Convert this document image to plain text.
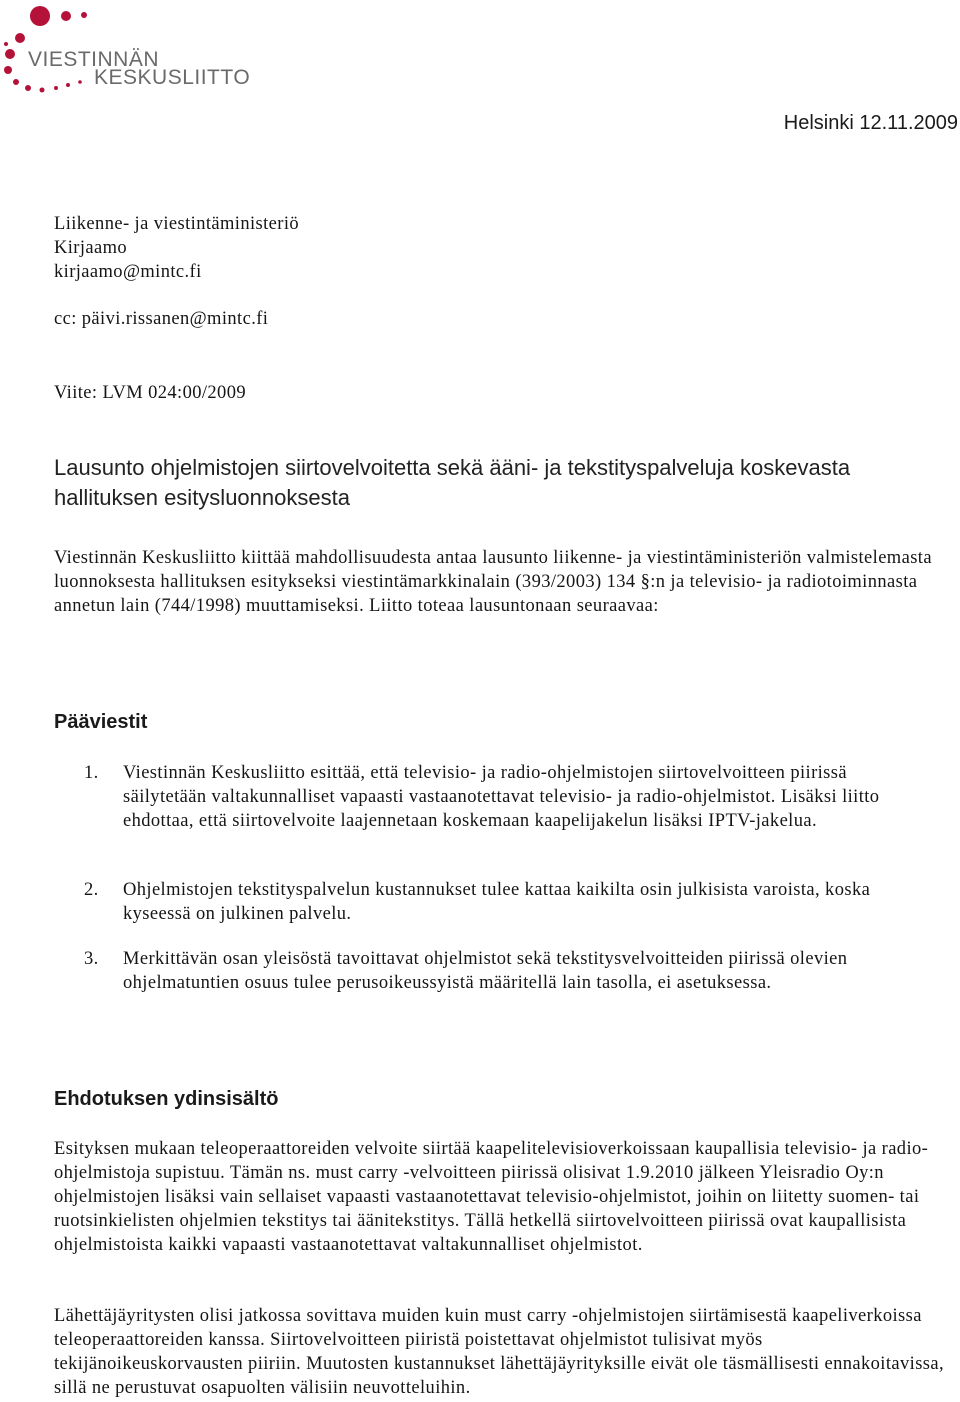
VIESTINNÄN
KESKUSLIITTO
Helsinki 12.11.2009
Liikenne- ja viestintäministeriö
Kirjaamo
kirjaamo@mintc.fi
cc: päivi.rissanen@mintc.fi
Viite: LVM 024:00/2009
Lausunto ohjelmistojen siirtovelvoitetta sekä ääni- ja tekstityspalveluja koskevasta hallituksen esitysluonnoksesta
Viestinnän Keskusliitto kiittää mahdollisuudesta antaa lausunto liikenne- ja viestintäministeriön valmistelemasta luonnoksesta hallituksen esitykseksi viestintämarkkinalain (393/2003) 134 §:n ja televisio- ja radiotoiminnasta annetun lain (744/1998) muuttamiseksi. Liitto toteaa lausuntonaan seuraavaa:
Pääviestit
1.	Viestinnän Keskusliitto esittää, että televisio- ja radio-ohjelmistojen siirtovelvoitteen piirissä säilytetään valtakunnalliset vapaasti vastaanotettavat televisio- ja radio-ohjelmistot. Lisäksi liitto ehdottaa, että siirtovelvoite laajennetaan koskemaan kaapelijakelun lisäksi IPTV-jakelua.
2.	Ohjelmistojen tekstityspalvelun kustannukset tulee kattaa kaikilta osin julkisista varoista, koska kyseessä on julkinen palvelu.
3.	Merkittävän osan yleisöstä tavoittavat ohjelmistot sekä tekstitysvelvoitteiden piirissä olevien ohjelmatuntien osuus tulee perusoikeussyistä määritellä lain tasolla, ei asetuksessa.
Ehdotuksen ydinsisältö
Esityksen mukaan teleoperaattoreiden velvoite siirtää kaapelitelevisioverkoissaan kaupallisia televisio- ja radio-ohjelmistoja supistuu. Tämän ns. must carry -velvoitteen piirissä olisivat 1.9.2010 jälkeen Yleisradio Oy:n ohjelmistojen lisäksi vain sellaiset vapaasti vastaanotettavat televisio-ohjelmistot, joihin on liitetty suomen- tai ruotsinkielisten ohjelmien tekstitys tai äänitekstitys. Tällä hetkellä siirtovelvoitteen piirissä ovat kaupallisista ohjelmistoista kaikki vapaasti vastaanotettavat valtakunnalliset ohjelmistot.
Lähettäjäyritysten olisi jatkossa sovittava muiden kuin must carry -ohjelmistojen siirtämisestä kaapeliverkoissa teleoperaattoreiden kanssa. Siirtovelvoitteen piiristä poistettavat ohjelmistot tulisivat myös tekijänoikeuskorvausten piiriin. Muutosten kustannukset lähettäjäyrityksille eivät ole täsmällisesti ennakoitavissa, sillä ne perustuvat osapuolten välisiin neuvotteluihin.
